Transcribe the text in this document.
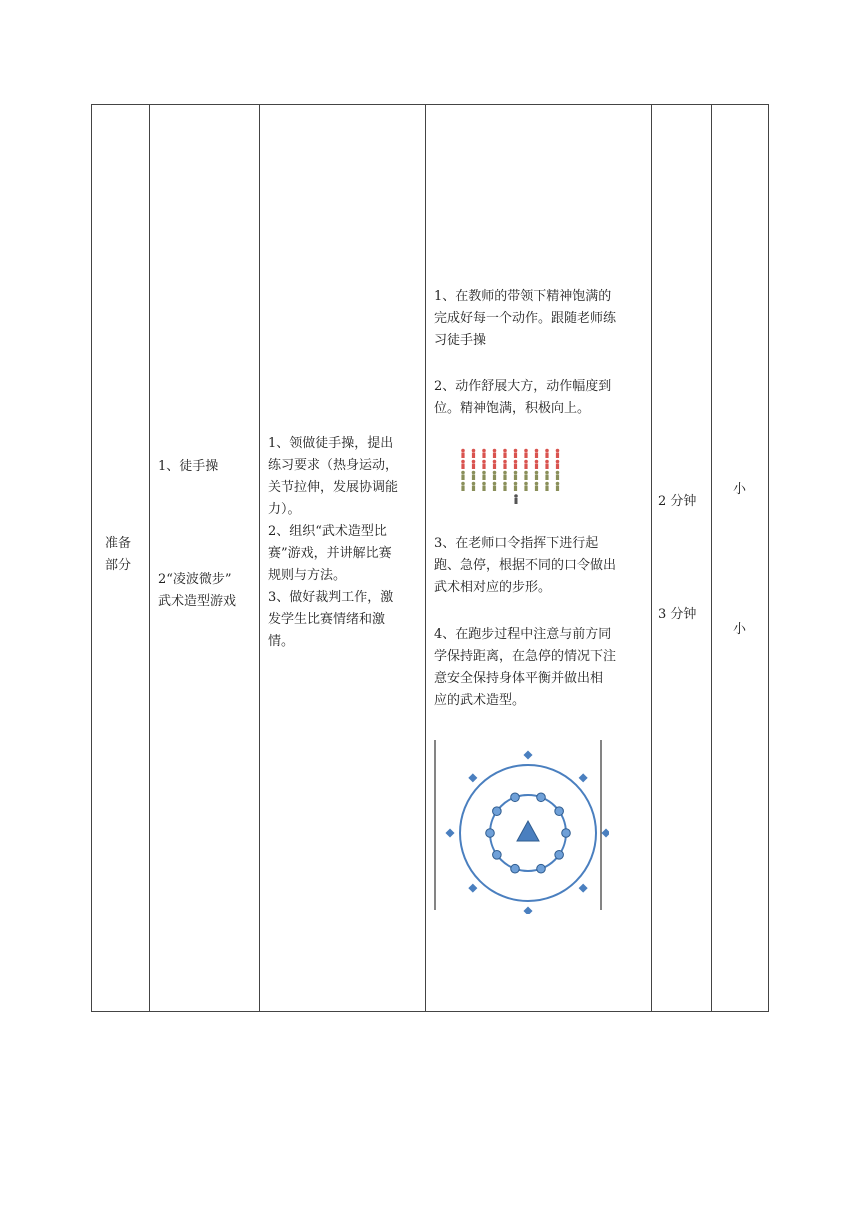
准备

部分

1、徒手操

2“凌波微步”

武术造型游戏

1、领做徒手操，提出

练习要求（热身运动，

关节拉伸，发展协调能

力）。

2、组织“武术造型比

赛”游戏，并讲解比赛

规则与方法。

3、做好裁判工作，激

发学生比赛情绪和激

情。

1、在教师的带领下精神饱满的

完成好每一个动作。跟随老师练

习徒手操

2、动作舒展大方，动作幅度到

位。精神饱满，积极向上。

3、在老师口令指挥下进行起

跑、急停，根据不同的口令做出

武术相对应的步形。

4、在跑步过程中注意与前方同

学保持距离，在急停的情况下注

意安全保持身体平衡并做出相

应的武术造型。

2 分钟

3 分钟

小

小
